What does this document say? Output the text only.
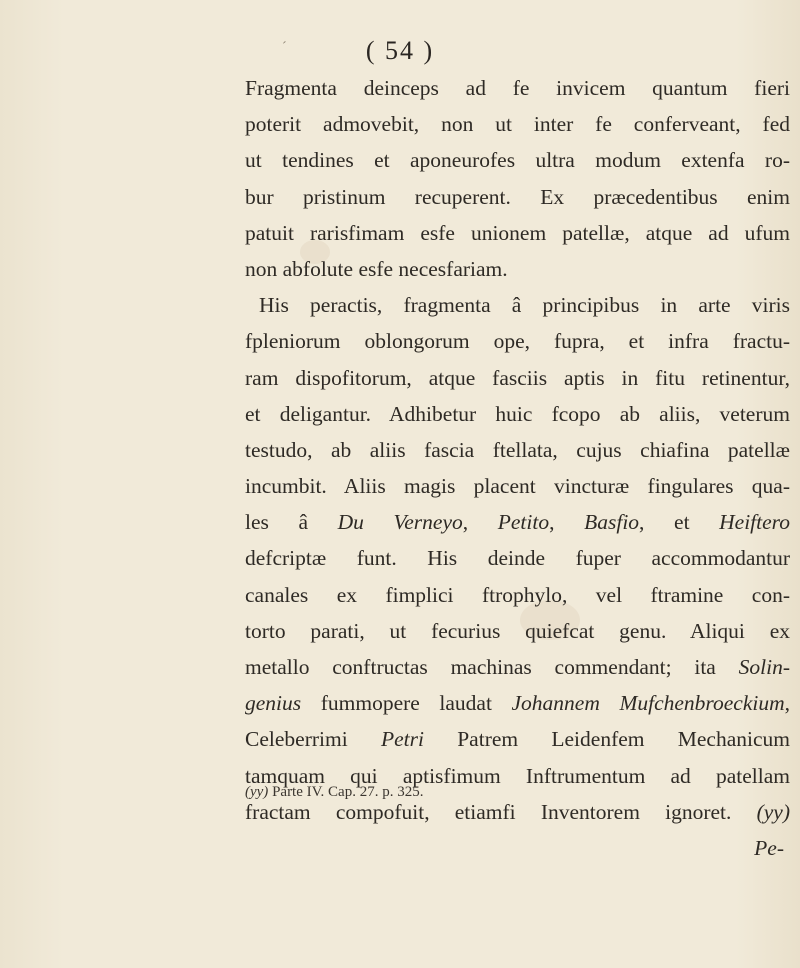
´	( 54 )
Fragmenta deinceps ad fe invicem quantum fieri
poterit admovebit, non ut inter fe conferveant, fed
ut tendines et aponeurofes ultra modum extenfa ro-
bur pristinum recuperent. Ex præcedentibus enim
patuit rarisfimam esfe unionem patellæ, atque ad ufum
non abfolute esfe necesfariam.
His peractis, fragmenta â principibus in arte viris
fpleniorum oblongorum ope, fupra, et infra fractu-
ram dispofitorum, atque fasciis aptis in fitu retinentur,
et deligantur. Adhibetur huic fcopo ab aliis, veterum
testudo, ab aliis fascia ftellata, cujus chiafina patellæ
incumbit. Aliis magis placent vincturæ fingulares qua-
les â Du Verneyo, Petito, Basfio, et Heiftero
defcriptæ funt. His deinde fuper accommodantur
canales ex fimplici ftrophylo, vel ftramine con-
torto parati, ut fecurius quiefcat genu. Aliqui ex
metallo conftructas machinas commendant; ita Solin-
genius fummopere laudat Johannem Mufchenbroeckium,
Celeberrimi Petri Patrem Leidenfem Mechanicum
tamquam qui aptisfimum Inftrumentum ad patellam
fractam compofuit, etiamfi Inventorem ignoret. (yy)
Pe-
(yy) Parte IV. Cap. 27. p. 325.
